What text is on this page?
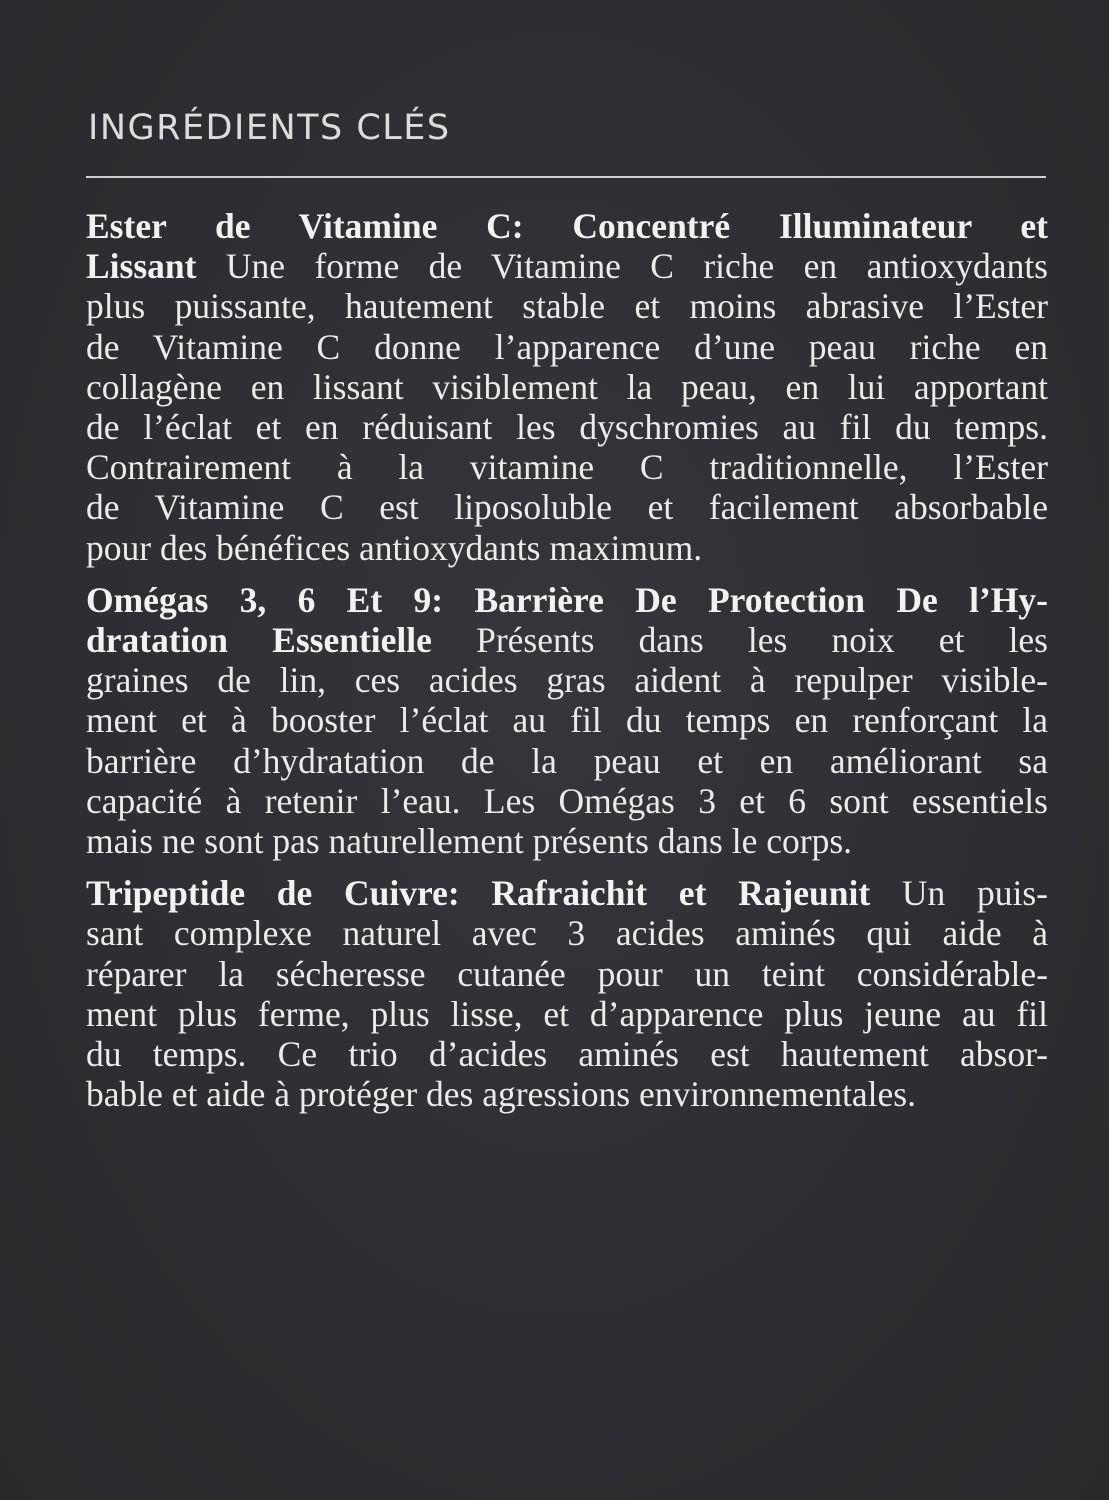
INGRÉDIENTS CLÉS
Ester de Vitamine C: Concentré Illuminateur et
Lissant Une forme de Vitamine C riche en antioxydants
plus puissante, hautement stable et moins abrasive l’Ester
de Vitamine C donne l’apparence d’une peau riche en
collagène en lissant visiblement la peau, en lui apportant
de l’éclat et en réduisant les dyschromies au fil du temps.
Contrairement à la vitamine C traditionnelle, l’Ester
de Vitamine C est liposoluble et facilement absorbable
pour des bénéfices antioxydants maximum.
Omégas 3, 6 Et 9: Barrière De Protection De l’Hy-
dratation Essentielle Présents dans les noix et les
graines de lin, ces acides gras aident à repulper visible-
ment et à booster l’éclat au fil du temps en renforçant la
barrière d’hydratation de la peau et en améliorant sa
capacité à retenir l’eau. Les Omégas 3 et 6 sont essentiels
mais ne sont pas naturellement présents dans le corps.
Tripeptide de Cuivre: Rafraichit et Rajeunit Un puis-
sant complexe naturel avec 3 acides aminés qui aide à
réparer la sécheresse cutanée pour un teint considérable-
ment plus ferme, plus lisse, et d’apparence plus jeune au fil
du temps. Ce trio d’acides aminés est hautement absor-
bable et aide à protéger des agressions environnementales.
